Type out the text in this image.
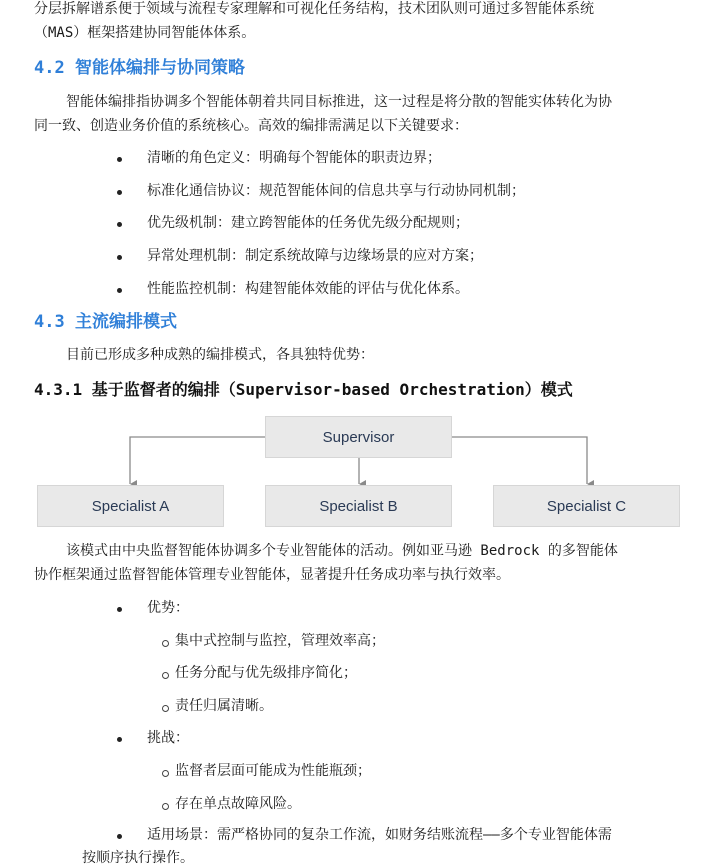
分层拆解谱系便于领域与流程专家理解和可视化任务结构，技术团队则可通过多智能体系统
（MAS）框架搭建协同智能体体系。
4.2 智能体编排与协同策略
智能体编排指协调多个智能体朝着共同目标推进，这一过程是将分散的智能实体转化为协
同一致、创造业务价值的系统核心。高效的编排需满足以下关键要求：
清晰的角色定义：明确每个智能体的职责边界；
标准化通信协议：规范智能体间的信息共享与行动协同机制；
优先级机制：建立跨智能体的任务优先级分配规则；
异常处理机制：制定系统故障与边缘场景的应对方案；
性能监控机制：构建智能体效能的评估与优化体系。
4.3 主流编排模式
目前已形成多种成熟的编排模式，各具独特优势：
4.3.1 基于监督者的编排（Supervisor-based Orchestration）模式
Supervisor
Specialist A	Specialist B	Specialist C
该模式由中央监督智能体协调多个专业智能体的活动。例如亚马逊 Bedrock 的多智能体
协作框架通过监督智能体管理专业智能体，显著提升任务成功率与执行效率。
优势：
集中式控制与监控，管理效率高；
任务分配与优先级排序简化；
责任归属清晰。
挑战：
监督者层面可能成为性能瓶颈；
存在单点故障风险。
适用场景：需严格协同的复杂工作流，如财务结账流程——多个专业智能体需
按顺序执行操作。
